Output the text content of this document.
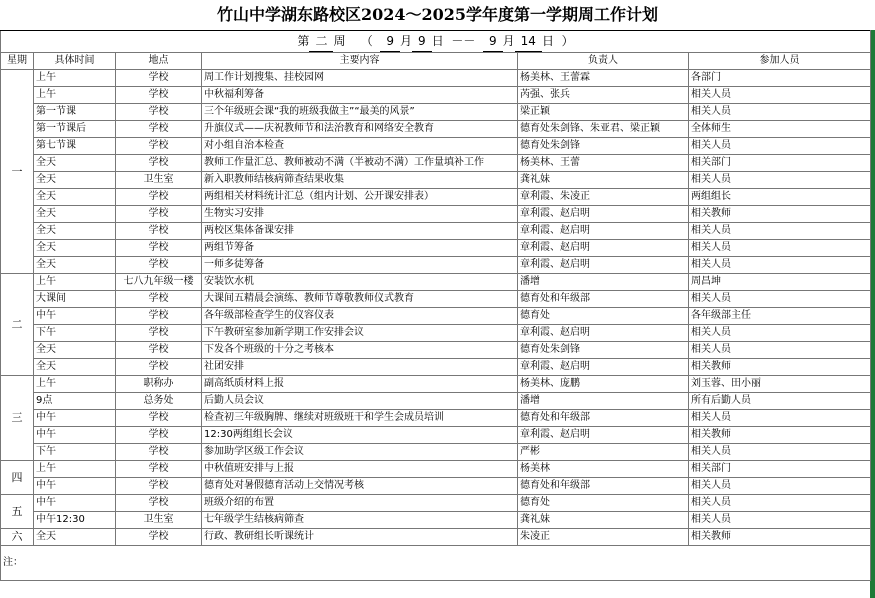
竹山中学湖东路校区2024～2025学年度第一学期周工作计划
第 二 周 （ 9 月 9 日 －－ 9 月 14 日 ）					
星期	具体时间	地点	主要内容	负责人	参加人员
一	上午	学校	周工作计划搜集、挂校园网	杨美林、王蕾霖	各部门
	上午	学校	中秋福利筹备	芮强、张兵	相关人员
	第一节课	学校	三个年级班会课“我的班级我做主”“最美的风景”	梁正颖	相关人员
	第一节课后	学校	升旗仪式——庆祝教师节和法治教育和网络安全教育	德育处朱剑锋、朱亚君、梁正颖	全体师生
	第七节课	学校	对小组自治本检查	德育处朱剑锋	相关人员
	全天	学校	教师工作量汇总、教师被动不满（半被动不满）工作量填补工作	杨美林、王蕾	相关部门
	全天	卫生室	新入职教师结核病筛查结果收集	龚礼妹	相关人员
	全天	学校	两组相关材料统计汇总（组内计划、公开课安排表）	章利霞、朱凌正	两组组长
	全天	学校	生物实习安排	章利霞、赵启明	相关教师
	全天	学校	两校区集体备课安排	章利霞、赵启明	相关人员
	全天	学校	两组节筹备	章利霞、赵启明	相关人员
	全天	学校	一师多徒筹备	章利霞、赵启明	相关人员
二	上午	七八九年级一楼	安装饮水机	潘增	周昌坤
	大课间	学校	大课间五精晨会演练、教师节尊敬教师仪式教育	德育处和年级部	相关人员
	中午	学校	各年级部检查学生的仪容仪表	德育处	各年级部主任
	下午	学校	下午教研室参加新学期工作安排会议	章利霞、赵启明	相关人员
	全天	学校	下发各个班级的十分之考核本	德育处朱剑锋	相关人员
	全天	学校	社团安排	章利霞、赵启明	相关教师
三	上午	职称办	副高纸质材料上报	杨美林、庞鹏	刘玉蓉、田小丽
	9点	总务处	后勤人员会议	潘增	所有后勤人员
	中午	学校	检查初三年级胸牌、继续对班级班干和学生会成员培训	德育处和年级部	相关人员
	中午	学校	12:30两组组长会议	章利霞、赵启明	相关教师
	下午	学校	参加助学区级工作会议	严彬	相关人员
四	上午	学校	中秋值班安排与上报	杨美林	相关部门
	中午	学校	德育处对暑假德育活动上交情况考核	德育处和年级部	相关人员
五	中午	学校	班级介绍的布置	德育处	相关人员
	中午12:30	卫生室	七年级学生结核病筛查	龚礼妹	相关人员
六	全天	学校	行政、教研组长听课统计	朱凌正	相关教师
注：					
